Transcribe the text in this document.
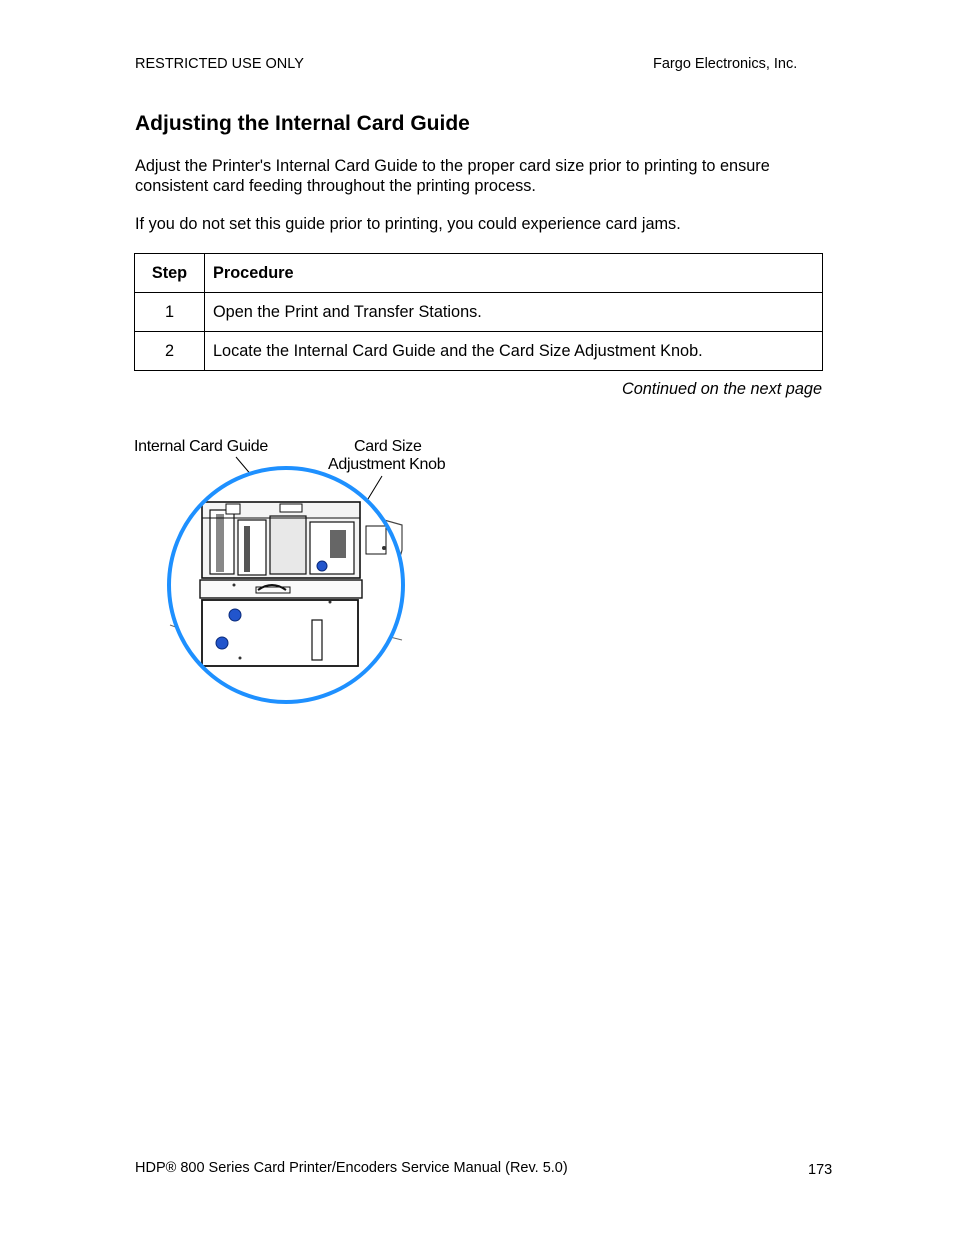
RESTRICTED USE ONLY	Fargo Electronics, Inc.
Adjusting the Internal Card Guide
Adjust the Printer's Internal Card Guide to the proper card size prior to printing to ensure consistent card feeding throughout the printing process.
If you do not set this guide prior to printing, you could experience card jams.
Step	Procedure
1	Open the Print and Transfer Stations.
2	Locate the Internal Card Guide and the Card Size Adjustment Knob.
Continued on the next page
Internal Card Guide	Card Size
Adjustment Knob
HDP® 800 Series Card Printer/Encoders Service Manual (Rev. 5.0)	173
